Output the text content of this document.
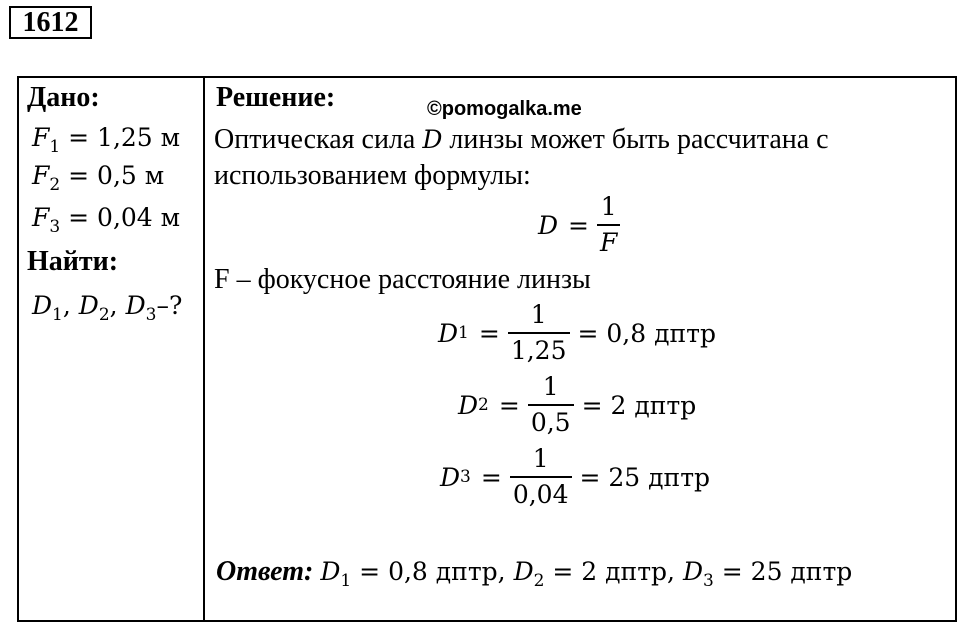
1612
Дано:
$F_1 = 1,25$ м
$F_2 = 0,5$ м
$F_3 = 0,04$ м
Найти:
$D_1$, $D_2$, $D_3-$?
Решение:	©pomogalka.me
Оптическая сила D линзы может быть рассчитана с
использованием формулы:
$D = \frac{1}{F}$
F – фокусное расстояние линзы
D $1 = \frac{1}{1,25} = 0,8$ дптр
D $2 = \frac{1}{0,5} = 2$ дптр
D $3 = \frac{1}{0,04} = 25$ дптр
Ответ: $D_1 = 0,8$ дптр, $D_2 = 2$ дптр, $D_3 = 25$ дптр
